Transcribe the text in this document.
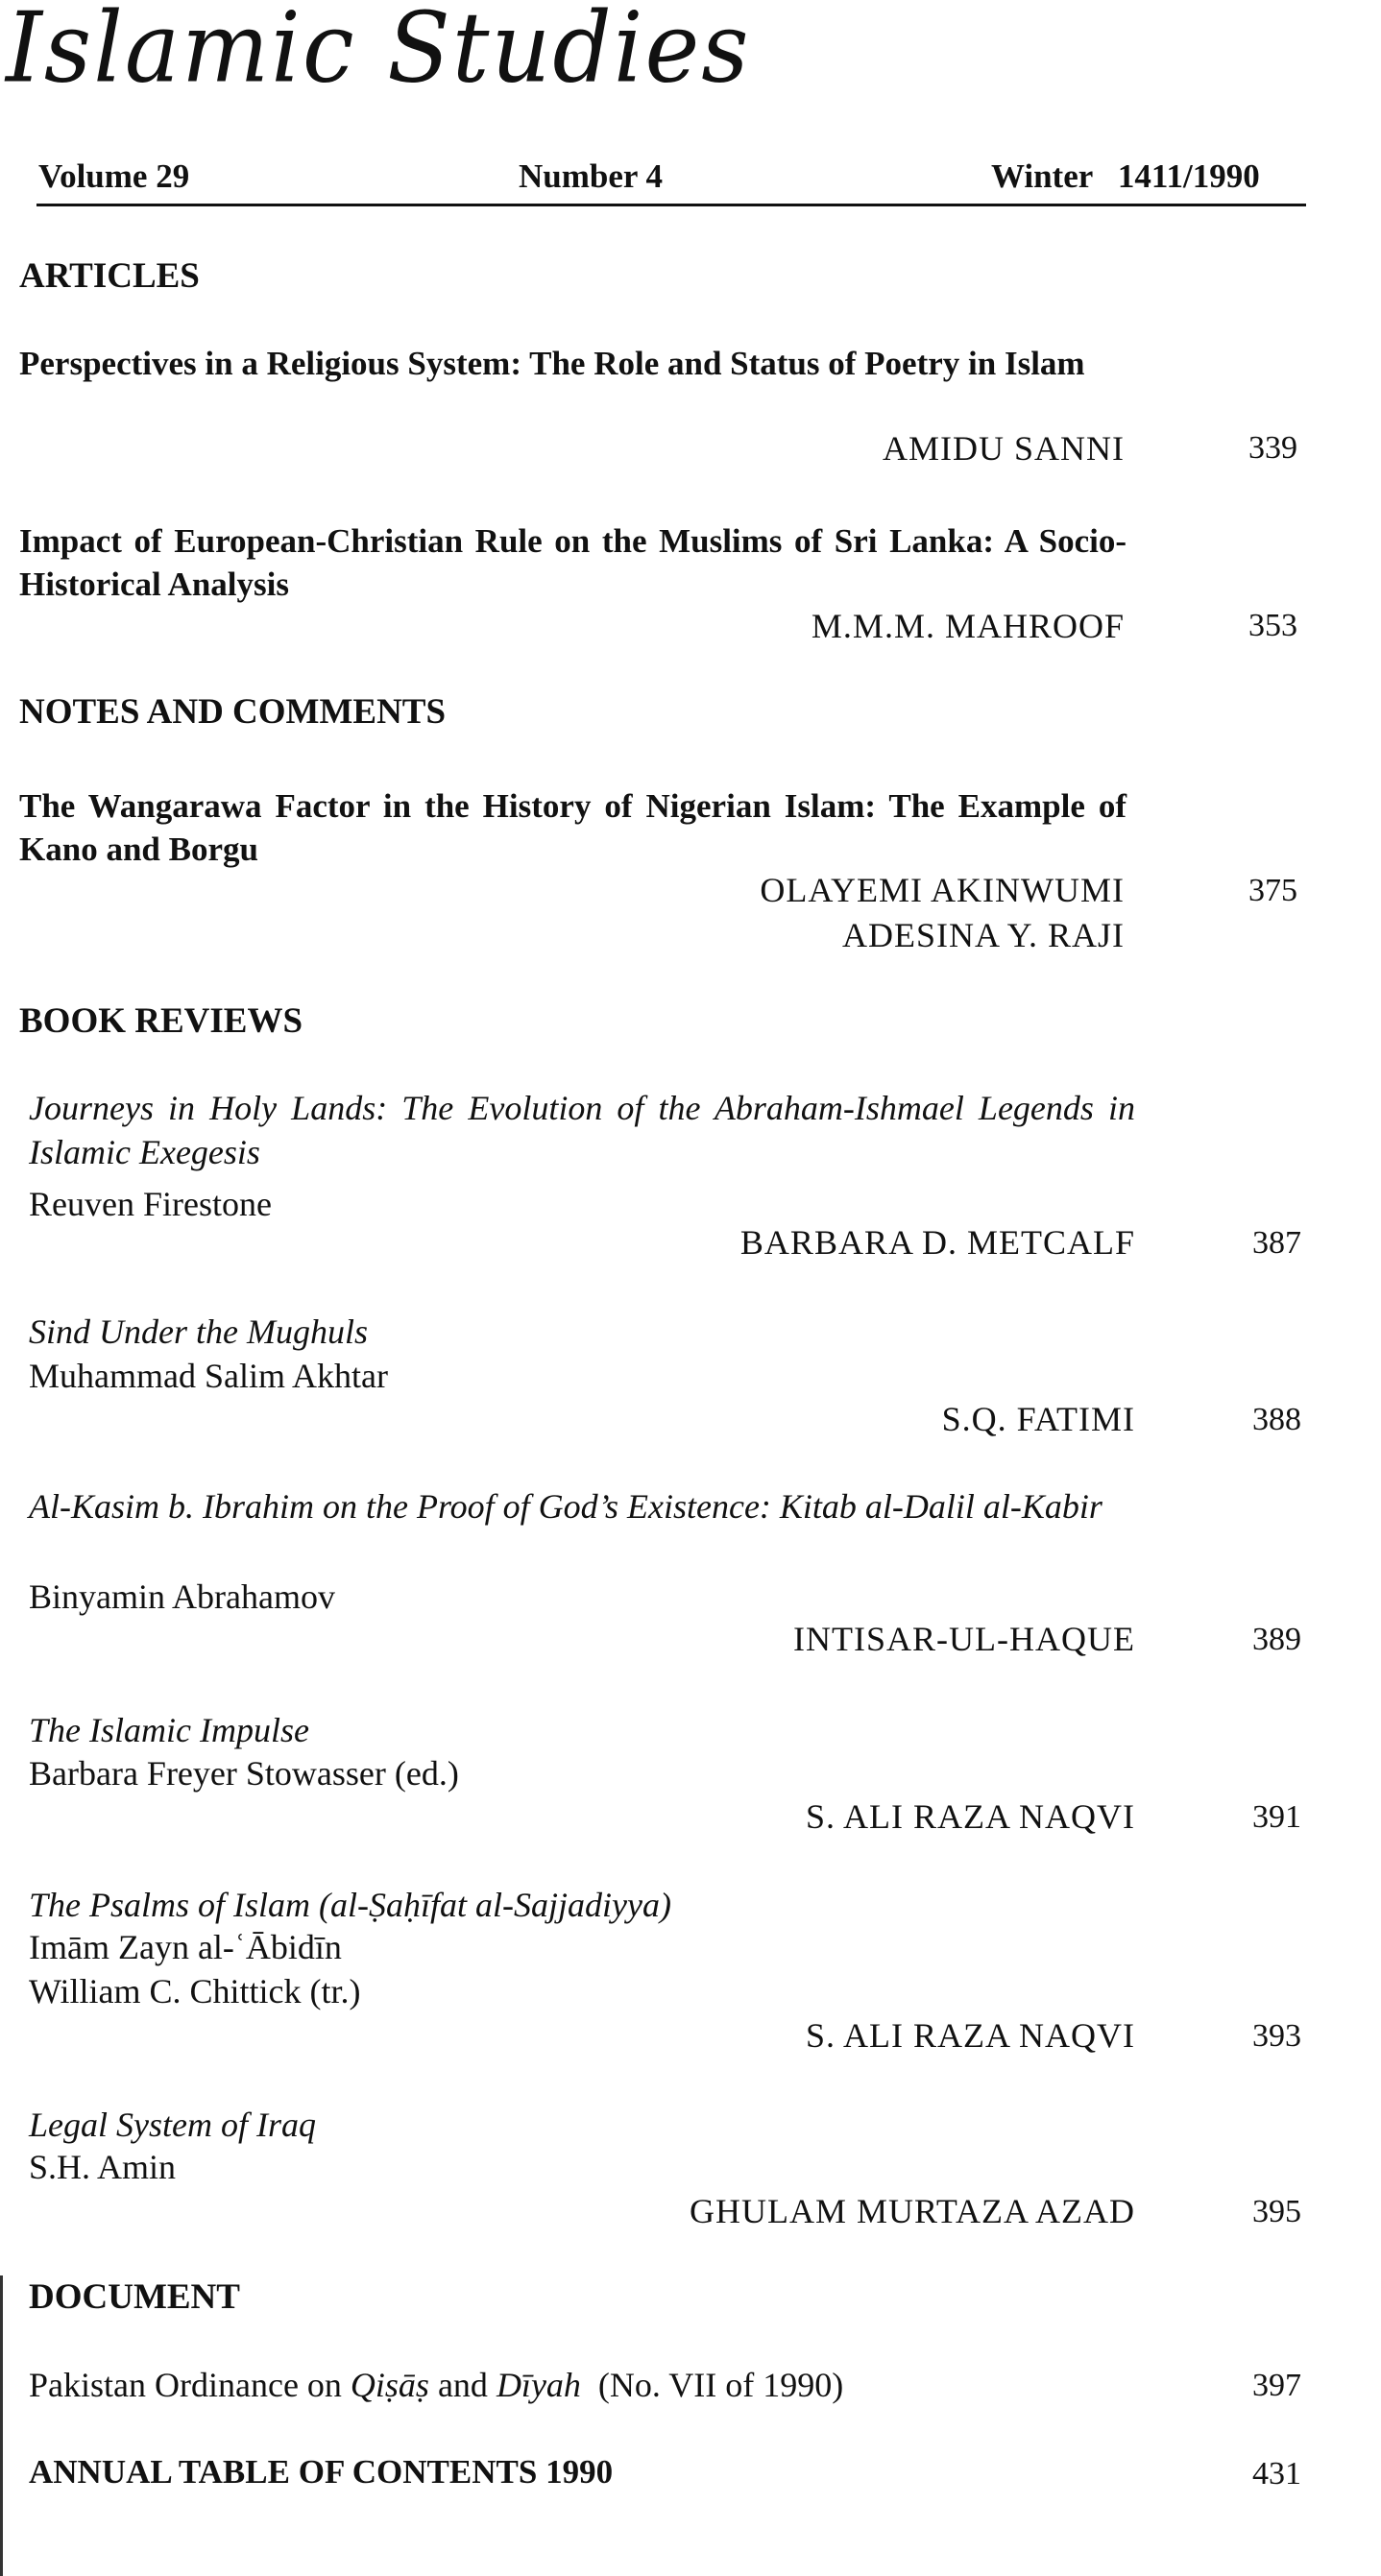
Islamic Studies
Volume 29	Number 4	Winter   1411/1990
ARTICLES
Perspectives in a Religious System: The Role and Status of Poetry in Islam
AMIDU SANNI	339
Impact of European-Christian Rule on the Muslims of Sri Lanka: A Socio-Historical Analysis
M.M.M. MAHROOF	353
NOTES AND COMMENTS
The Wangarawa Factor in the History of Nigerian Islam: The Example of Kano and Borgu
OLAYEMI AKINWUMI	375
ADESINA Y. RAJI
BOOK REVIEWS
Journeys in Holy Lands: The Evolution of the Abraham-Ishmael Legends in Islamic Exegesis
Reuven Firestone
BARBARA D. METCALF	387
Sind Under the Mughuls
Muhammad Salim Akhtar
S.Q. FATIMI	388
Al-Kasim b. Ibrahim on the Proof of God’s Existence: Kitab al-Dalil al-Kabir
Binyamin Abrahamov
INTISAR-UL-HAQUE	389
The Islamic Impulse
Barbara Freyer Stowasser (ed.)
S. ALI RAZA NAQVI	391
The Psalms of Islam (al-Ṣaḥīfat al-Sajjadiyya)
Imām Zayn al-ʿĀbidīn
William C. Chittick (tr.)
S. ALI RAZA NAQVI	393
Legal System of Iraq
S.H. Amin
GHULAM MURTAZA AZAD	395
DOCUMENT
Pakistan Ordinance on Qiṣāṣ and Dīyah  (No. VII of 1990)	397
ANNUAL TABLE OF CONTENTS 1990	431
